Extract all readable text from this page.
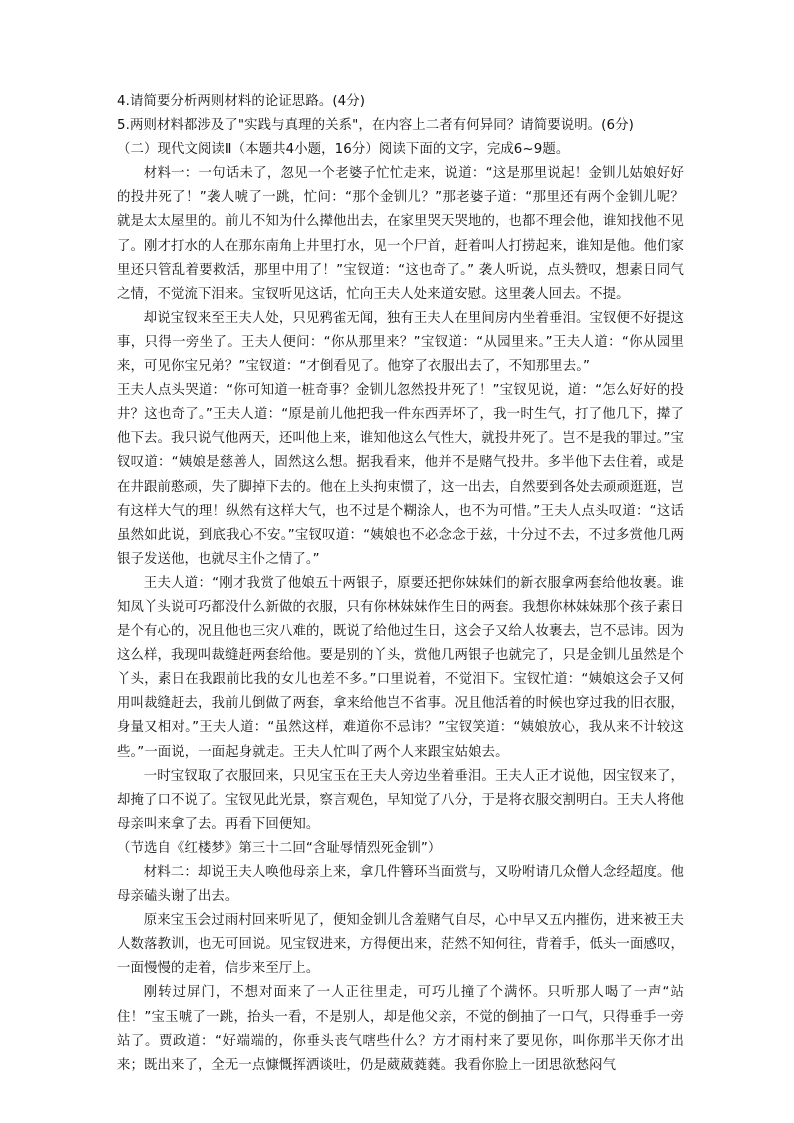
4.请简要分析两则材料的论证思路。(4分)

5.两则材料都涉及了"实践与真理的关系"，在内容上二者有何异同？请简要说明。(6分)

（二）现代文阅读Ⅱ（本题共4小题，16分）阅读下面的文字，完成6~9题。

材料一：一句话未了，忽见一个老婆子忙忙走来，说道：“这是那里说起！金钏儿姑娘好好的投井死了！”袭人唬了一跳，忙问：“那个金钏儿？”那老婆子道：“那里还有两个金钏儿呢？就是太太屋里的。前儿不知为什么撵他出去，在家里哭天哭地的，也都不理会他，谁知找他不见了。刚才打水的人在那东南角上井里打水，见一个尸首，赶着叫人打捞起来，谁知是他。他们家里还只管乱着要救活，那里中用了！”宝钗道：“这也奇了。” 袭人听说，点头赞叹，想素日同气之情，不觉流下泪来。宝钗听见这话，忙向王夫人处来道安慰。这里袭人回去。不提。

却说宝钗来至王夫人处，只见鸦雀无闻，独有王夫人在里间房内坐着垂泪。宝钗便不好提这事，只得一旁坐了。王夫人便问：“你从那里来？”宝钗道：“从园里来。”王夫人道：“你从园里来，可见你宝兄弟？”宝钗道：“才倒看见了。他穿了衣服出去了，不知那里去。”

王夫人点头哭道：“你可知道一桩奇事？金钏儿忽然投井死了！”宝钗见说，道：“怎么好好的投井？这也奇了。”王夫人道：“原是前儿他把我一件东西弄坏了，我一时生气，打了他几下，撵了他下去。我只说气他两天，还叫他上来，谁知他这么气性大，就投井死了。岂不是我的罪过。”宝钗叹道：“姨娘是慈善人，固然这么想。据我看来，他并不是赌气投井。多半他下去住着，或是在井跟前憨顽，失了脚掉下去的。他在上头拘束惯了，这一出去，自然要到各处去顽顽逛逛，岂有这样大气的理！纵然有这样大气，也不过是个糊涂人，也不为可惜。”王夫人点头叹道：“这话虽然如此说，到底我心不安。”宝钗叹道：“姨娘也不必念念于兹，十分过不去，不过多赏他几两银子发送他，也就尽主仆之情了。”

王夫人道：“刚才我赏了他娘五十两银子，原要还把你妹妹们的新衣服拿两套给他妆裹。谁知凤丫头说可巧都没什么新做的衣服，只有你林妹妹作生日的两套。我想你林妹妹那个孩子素日是个有心的，况且他也三灾八难的，既说了给他过生日，这会子又给人妆裹去，岂不忌讳。因为这么样，我现叫裁缝赶两套给他。要是别的丫头，赏他几两银子也就完了，只是金钏儿虽然是个丫头，素日在我跟前比我的女儿也差不多。”口里说着，不觉泪下。宝钗忙道：“姨娘这会子又何用叫裁缝赶去，我前儿倒做了两套，拿来给他岂不省事。况且他活着的时候也穿过我的旧衣服，身量又相对。”王夫人道：“虽然这样，难道你不忌讳？”宝钗笑道：“姨娘放心，我从来不计较这些。”一面说，一面起身就走。王夫人忙叫了两个人来跟宝姑娘去。

一时宝钗取了衣服回来，只见宝玉在王夫人旁边坐着垂泪。王夫人正才说他，因宝钗来了，却掩了口不说了。宝钗见此光景，察言观色，早知觉了八分，于是将衣服交割明白。王夫人将他母亲叫来拿了去。再看下回便知。

（节选自《红楼梦》第三十二回“含耻辱情烈死金钏”）

材料二：却说王夫人唤他母亲上来，拿几件簪环当面赏与，又吩咐请几众僧人念经超度。他母亲磕头谢了出去。

原来宝玉会过雨村回来听见了，便知金钏儿含羞赌气自尽，心中早又五内摧伤，进来被王夫人数落教训，也无可回说。见宝钗进来，方得便出来，茫然不知何往，背着手，低头一面感叹，一面慢慢的走着，信步来至厅上。

刚转过屏门，不想对面来了一人正往里走，可巧儿撞了个满怀。只听那人喝了一声“站住！”宝玉唬了一跳，抬头一看，不是别人，却是他父亲，不觉的倒抽了一口气，只得垂手一旁站了。贾政道：“好端端的，你垂头丧气嗐些什么？方才雨村来了要见你，叫你那半天你才出来；既出来了，全无一点慷慨挥洒谈吐，仍是葳葳蕤蕤。我看你脸上一团思欲愁闷气
